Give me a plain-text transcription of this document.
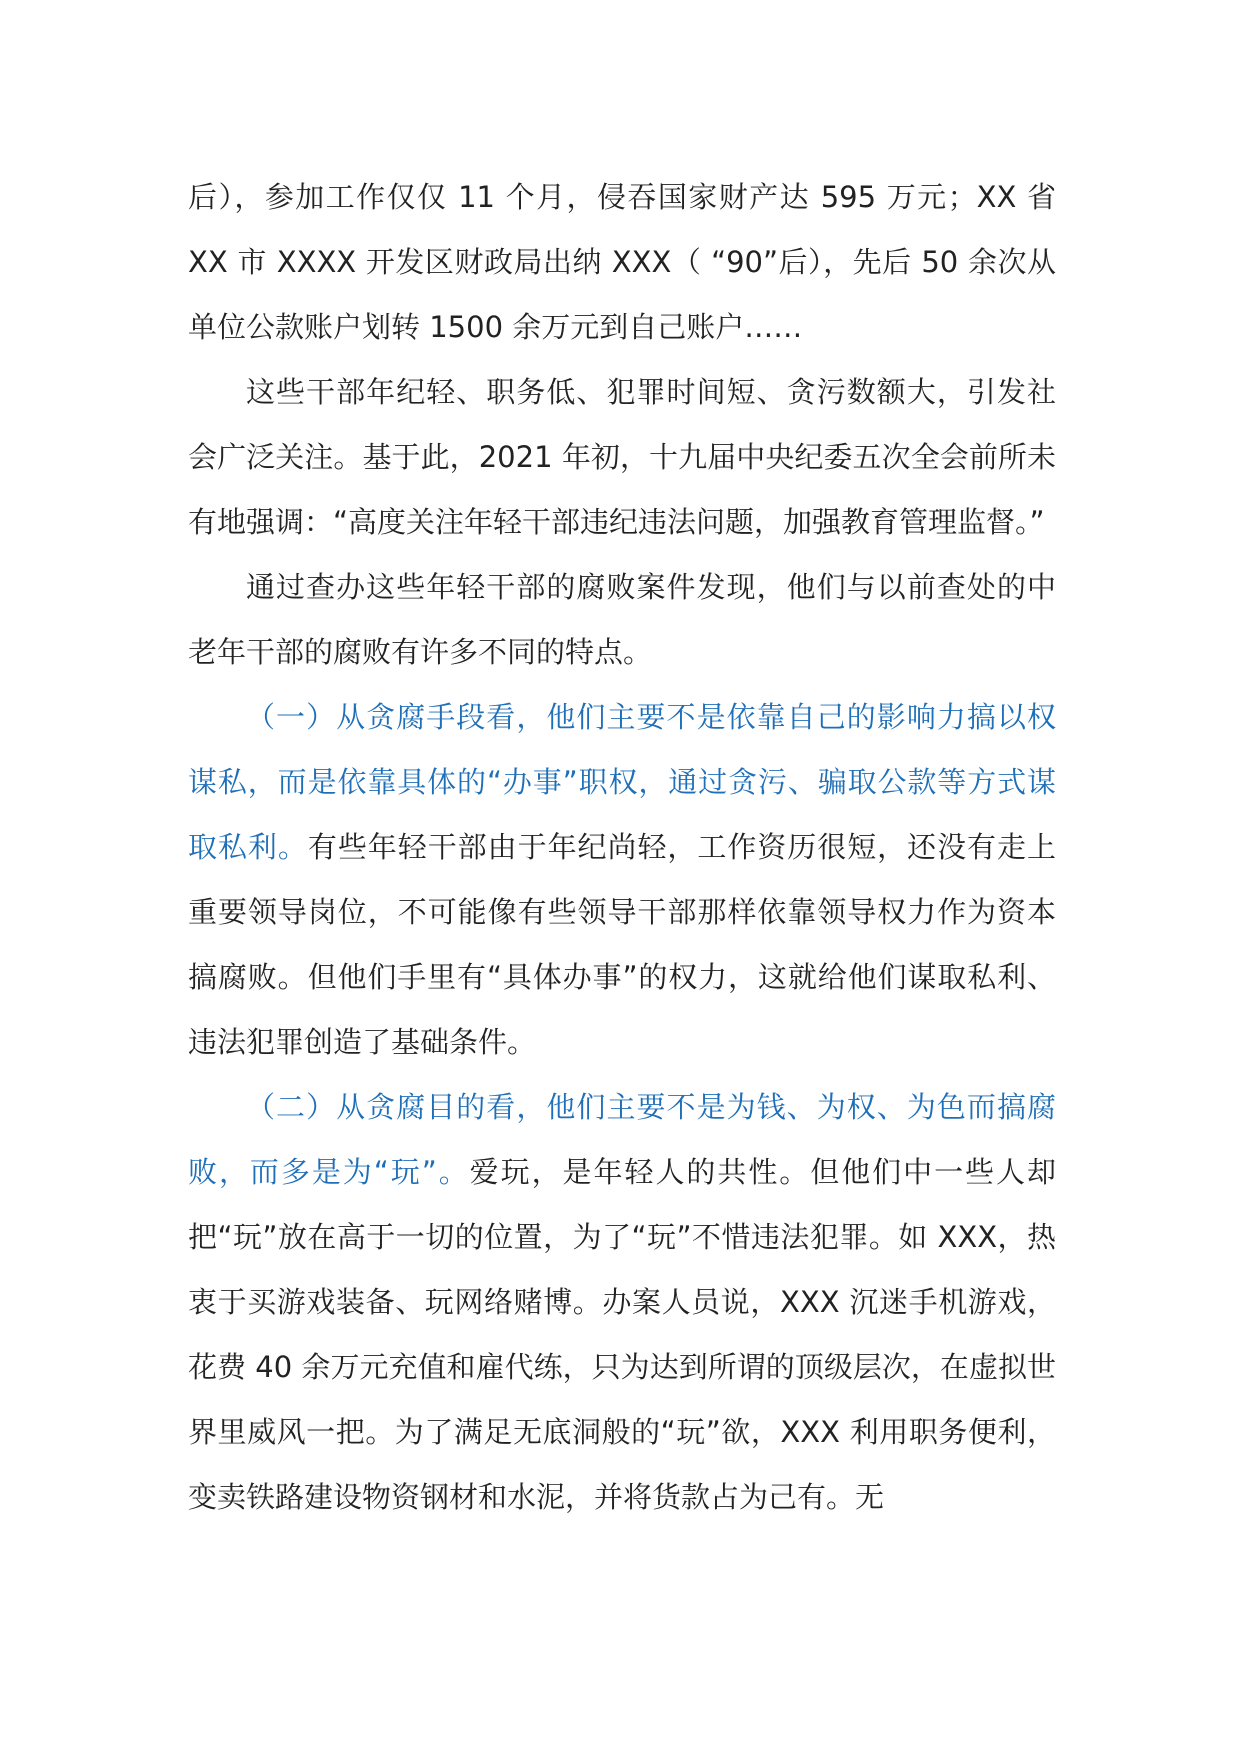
后），参加工作仅仅 11 个月，侵吞国家财产达 595 万元；XX 省 XX 市 XXXX 开发区财政局出纳 XXX（ “90”后），先后 50 余次从单位公款账户划转 1500 余万元到自己账户……

这些干部年纪轻、职务低、犯罪时间短、贪污数额大，引发社会广泛关注。基于此，2021 年初，十九届中央纪委五次全会前所未有地强调：“高度关注年轻干部违纪违法问题，加强教育管理监督。”

通过查办这些年轻干部的腐败案件发现，他们与以前查处的中老年干部的腐败有许多不同的特点。

（一）从贪腐手段看，他们主要不是依靠自己的影响力搞以权谋私，而是依靠具体的“办事”职权，通过贪污、骗取公款等方式谋取私利。有些年轻干部由于年纪尚轻，工作资历很短，还没有走上重要领导岗位，不可能像有些领导干部那样依靠领导权力作为资本搞腐败。但他们手里有“具体办事”的权力，这就给他们谋取私利、违法犯罪创造了基础条件。

（二）从贪腐目的看，他们主要不是为钱、为权、为色而搞腐败，而多是为“玩”。爱玩，是年轻人的共性。但他们中一些人却把“玩”放在高于一切的位置，为了“玩”不惜违法犯罪。如 XXX，热衷于买游戏装备、玩网络赌博。办案人员说，XXX 沉迷手机游戏，花费 40 余万元充值和雇代练，只为达到所谓的顶级层次，在虚拟世界里威风一把。为了满足无底洞般的“玩”欲，XXX 利用职务便利，变卖铁路建设物资钢材和水泥，并将货款占为己有。无
